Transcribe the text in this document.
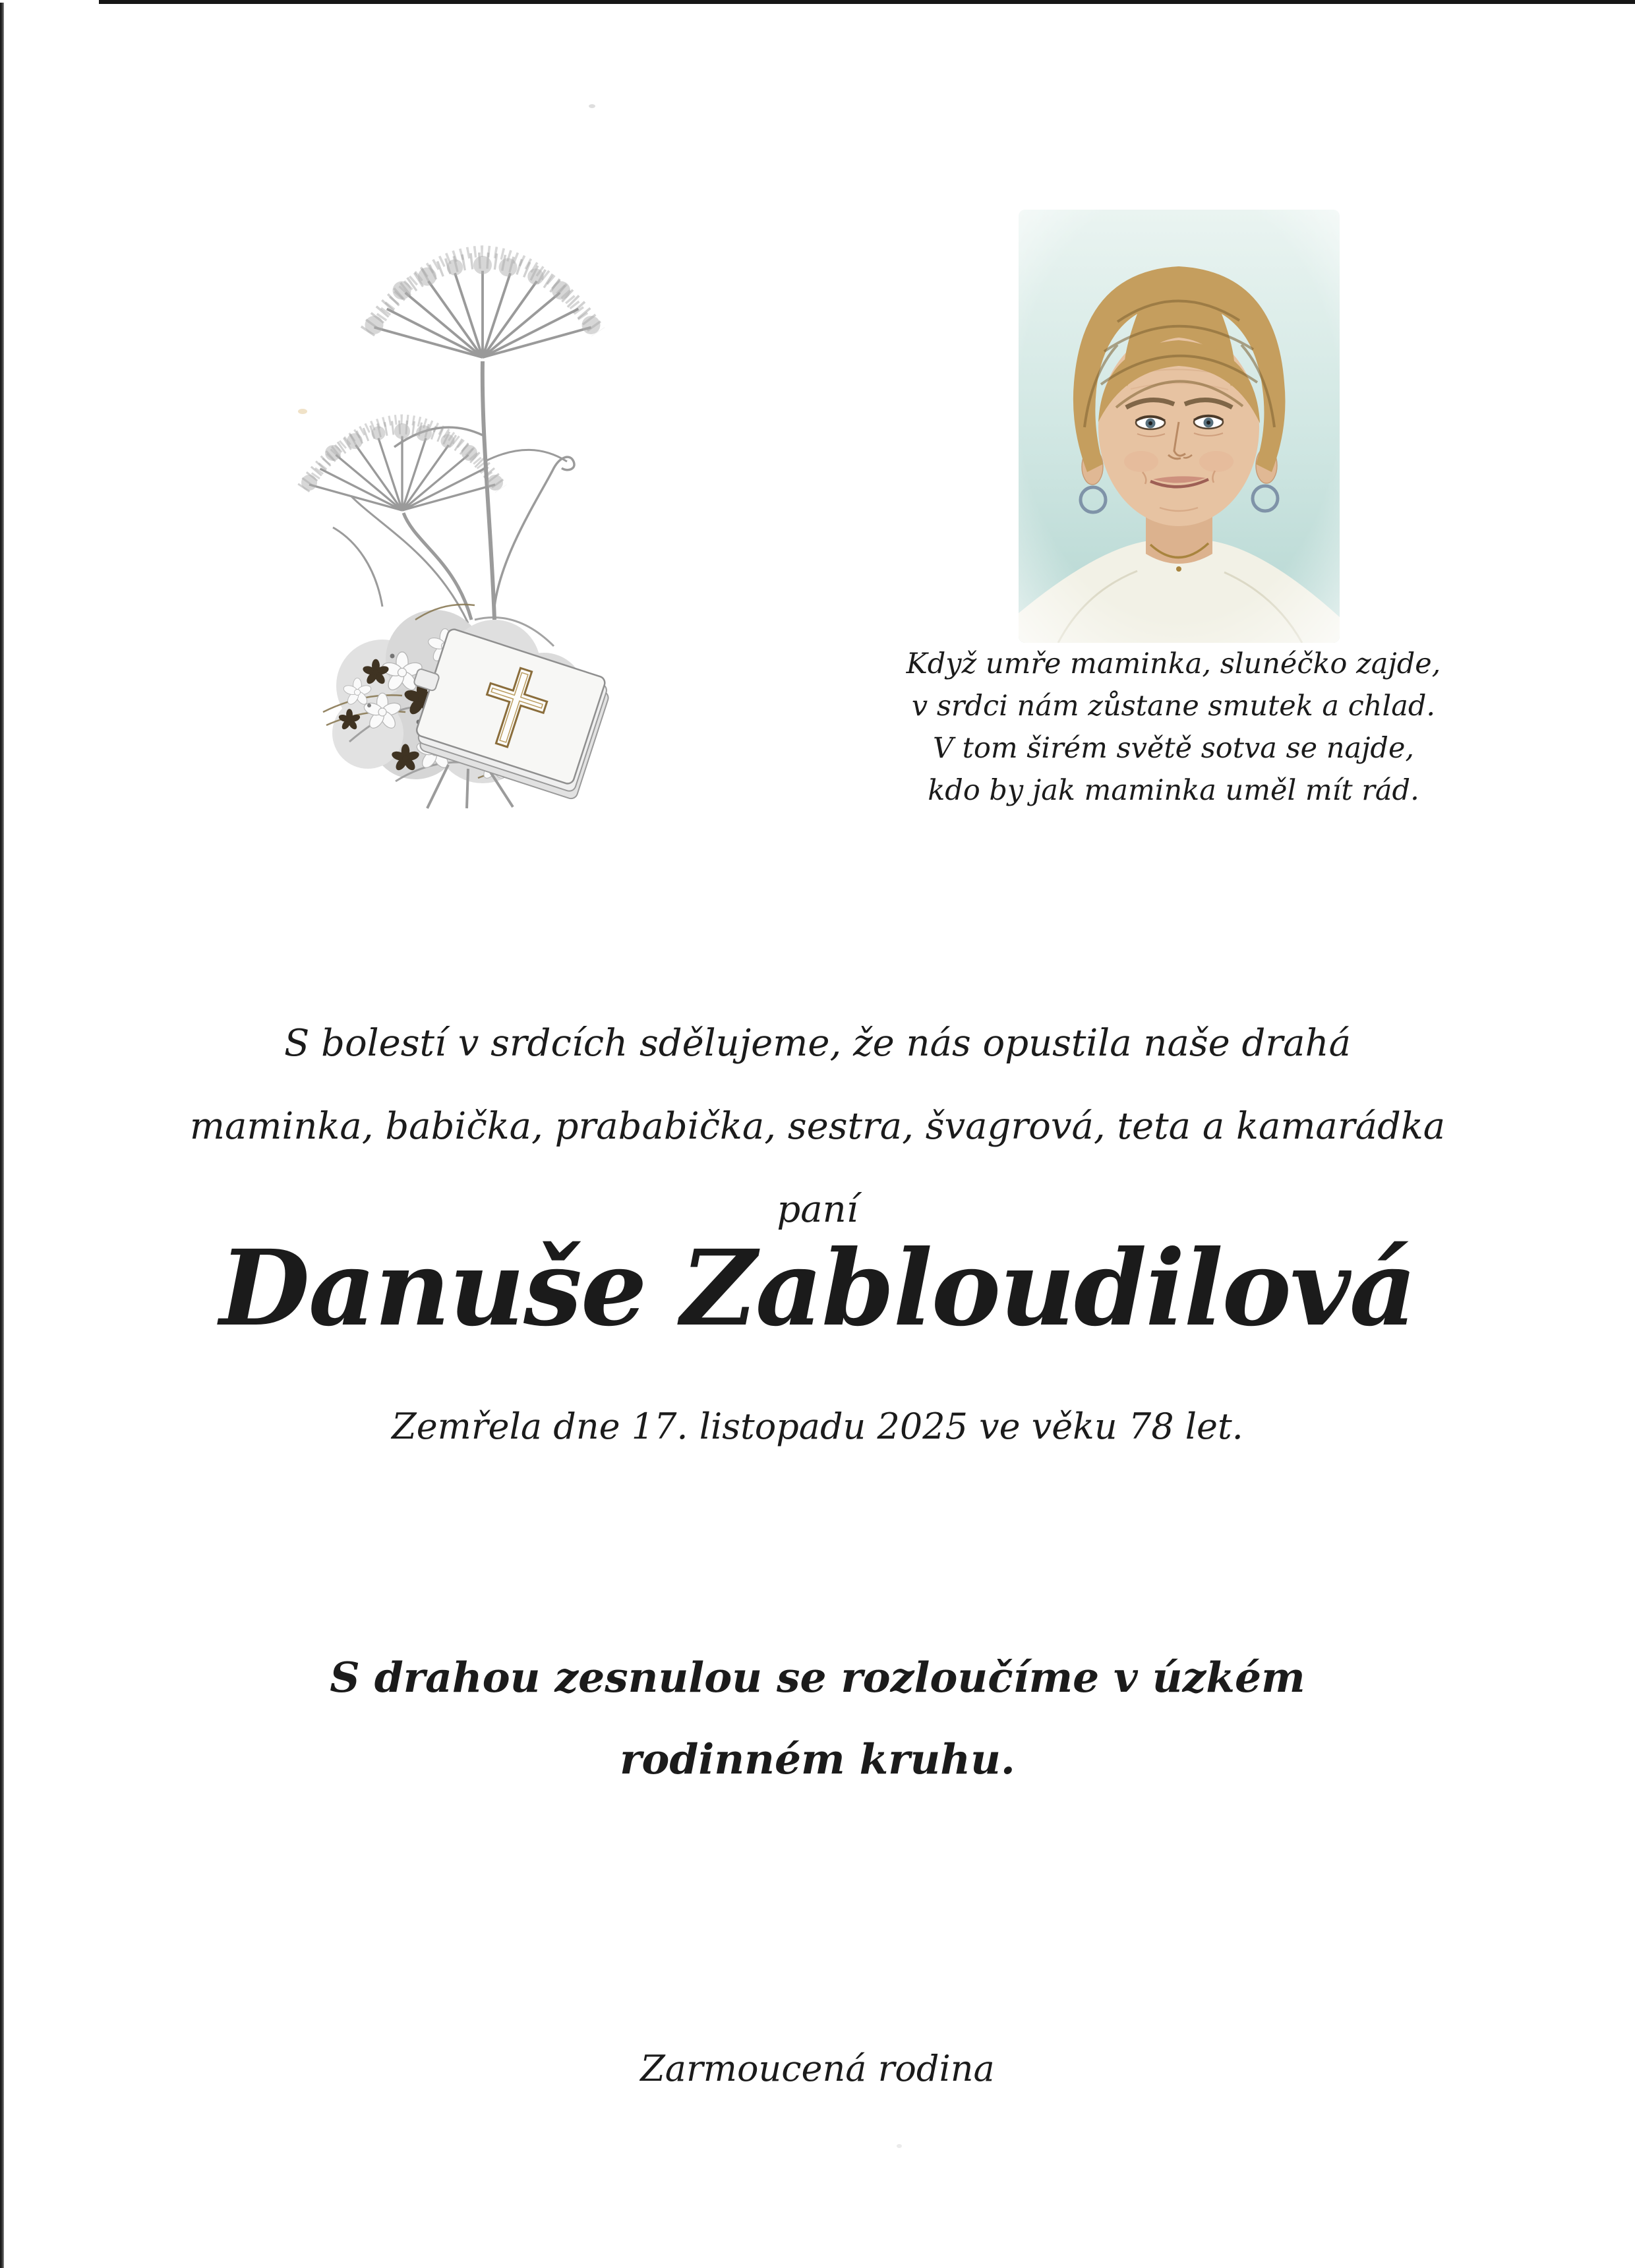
Když umře maminka, slunéčko zajde,
v srdci nám zůstane smutek a chlad.
V tom širém světě sotva se najde,
kdo by jak maminka uměl mít rád.
S bolestí v srdcích sdělujeme, že nás opustila naše drahá
maminka, babička, prababička, sestra, švagrová, teta a kamarádka
paní
Danuše Zabloudilová
Zemřela dne 17. listopadu 2025 ve věku 78 let.
S drahou zesnulou se rozloučíme v úzkém
rodinném kruhu.
Zarmoucená rodina
